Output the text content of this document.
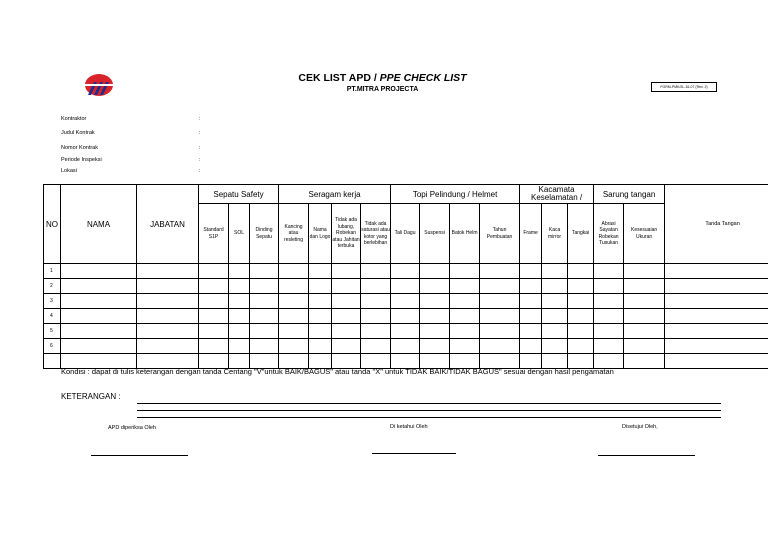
CEK LIST APD / PPE CHECK LIST
PT.MITRA PROJECTA	FORM-PMK/2L-16-07 (Rev. 2)
Kontraktor	:
Judul Kontrak	:
Nomor Kontrak	:
Periode Inspeksi	:
Lokasi	:
NO	NAMA	JABATAN	Sepatu Safety			Seragam kerja				Topi Pelindung / Helmet				Kacamata Keselamatan /			Sarung tangan		Tanda Tangan
			Standard S1P	SOL	Dinding Sepatu	Kancing atau resleting	Nama dan Logo	Tidak ada lubang, Robekan atau Jahitan terbuka	Tidak ada saturasi atau kotor yang berlebihan	Tali Dagu	Suspensi	Batok Helm	Tahun Pembuatan	Frame	Kaca mirror	Tangkai	Abrasi Sayatan Robekan Tusukan	Kesesuaian Ukuran	
1																			
2																			
3																			
4																			
5																			
6																			

Kondisi : dapat di tulis keterangan dengan tanda Centang "V"untuk BAIK/BAGUS" atau tanda "X" untuk TIDAK BAIK/TIDAK BAGUS" sesuai dengan hasil pengamatan
KETERANGAN :
APD diperiksa Oleh	Di ketahui Oleh	Disetujui Oleh,
